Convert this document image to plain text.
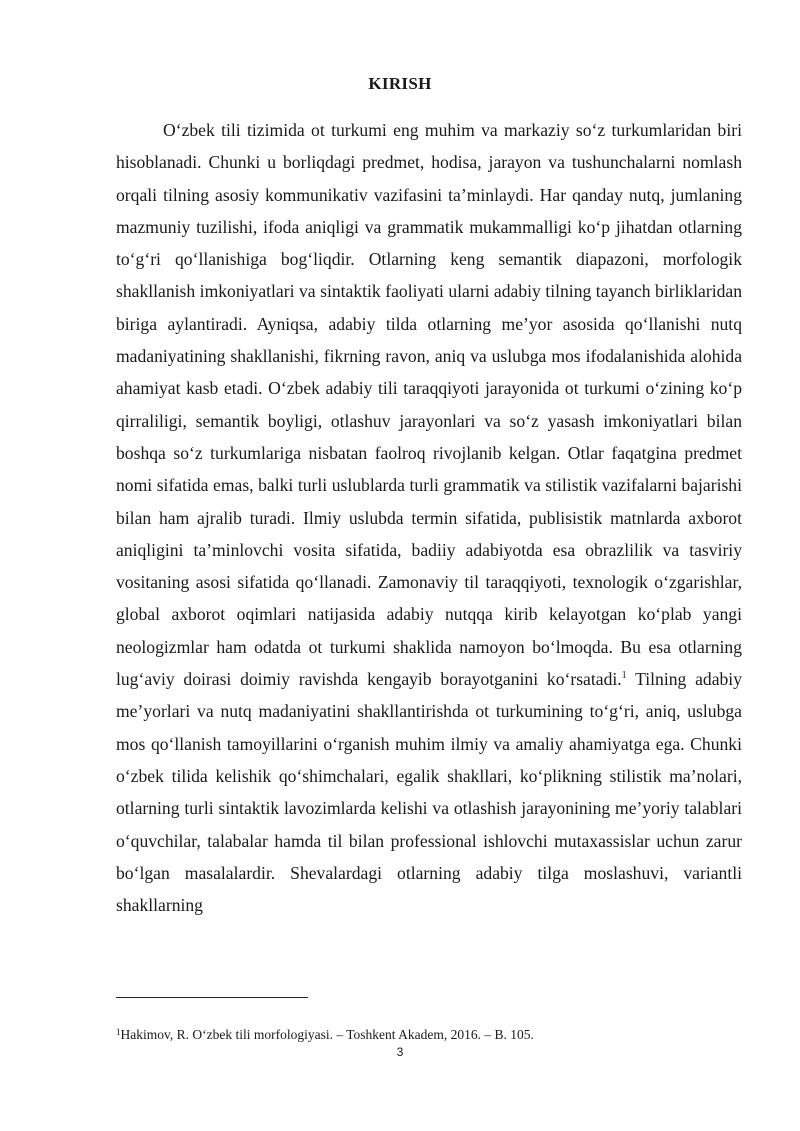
KIRISH

O‘zbek tili tizimida ot turkumi eng muhim va markaziy so‘z turkumlaridan biri hisoblanadi. Chunki u borliqdagi predmet, hodisa, jarayon va tushunchalarni nomlash orqali tilning asosiy kommunikativ vazifasini ta’minlaydi. Har qanday nutq, jumlaning mazmuniy tuzilishi, ifoda aniqligi va grammatik mukammalligi ko‘p jihatdan otlarning to‘g‘ri qo‘llanishiga bog‘liqdir. Otlarning keng semantik diapazoni, morfologik shakllanish imkoniyatlari va sintaktik faoliyati ularni adabiy tilning tayanch birliklaridan biriga aylantiradi. Ayniqsa, adabiy tilda otlarning me’yor asosida qo‘llanishi nutq madaniyatining shakllanishi, fikrning ravon, aniq va uslubga mos ifodalanishida alohida ahamiyat kasb etadi. O‘zbek adabiy tili taraqqiyoti jarayonida ot turkumi o‘zining ko‘p qirraliligi, semantik boyligi, otlashuv jarayonlari va so‘z yasash imkoniyatlari bilan boshqa so‘z turkumlariga nisbatan faolroq rivojlanib kelgan. Otlar faqatgina predmet nomi sifatida emas, balki turli uslublarda turli grammatik va stilistik vazifalarni bajarishi bilan ham ajralib turadi. Ilmiy uslubda termin sifatida, publisistik matnlarda axborot aniqligini ta’minlovchi vosita sifatida, badiiy adabiyotda esa obrazlilik va tasviriy vositaning asosi sifatida qo‘llanadi. Zamonaviy til taraqqiyoti, texnologik o‘zgarishlar, global axborot oqimlari natijasida adabiy nutqqa kirib kelayotgan ko‘plab yangi neologizmlar ham odatda ot turkumi shaklida namoyon bo‘lmoqda. Bu esa otlarning lug‘aviy doirasi doimiy ravishda kengayib borayotganini ko‘rsatadi.$^1$ Tilning adabiy me’yorlari va nutq madaniyatini shakllantirishda ot turkumining to‘g‘ri, aniq, uslubga mos qo‘llanish tamoyillarini o‘rganish muhim ilmiy va amaliy ahamiyatga ega. Chunki o‘zbek tilida kelishik qo‘shimchalari, egalik shakllari, ko‘plikning stilistik ma’nolari, otlarning turli sintaktik lavozimlarda kelishi va otlashish jarayonining me’yoriy talablari o‘quvchilar, talabalar hamda til bilan professional ishlovchi mutaxassislar uchun zarur bo‘lgan masalalardir. Shevalardagi otlarning adabiy tilga moslashuvi, variantli shakllarning

$^1$Hakimov, R. O‘zbek tili morfologiyasi. – Toshkent Akadem, 2016. – B. 105.

3
